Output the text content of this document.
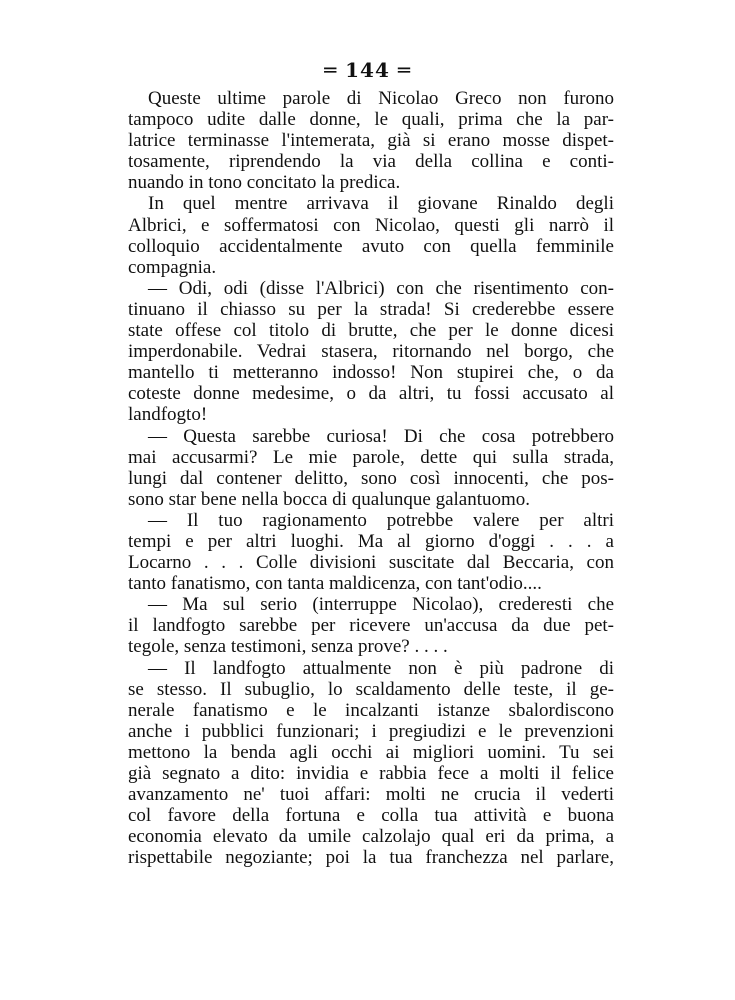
═ 144 ═
Queste ultime parole di Nicolao Greco non furono
tampoco udite dalle donne, le quali, prima che la par-
latrice terminasse l'intemerata, già si erano mosse dispet-
tosamente, riprendendo la via della collina e conti-
nuando in tono concitato la predica.
In quel mentre arrivava il giovane Rinaldo degli
Albrici, e soffermatosi con Nicolao, questi gli narrò il
colloquio accidentalmente avuto con quella femminile
compagnia.
— Odi, odi (disse l'Albrici) con che risentimento con-
tinuano il chiasso su per la strada! Si crederebbe essere
state offese col titolo di brutte, che per le donne dicesi
imperdonabile. Vedrai stasera, ritornando nel borgo, che
mantello ti metteranno indosso! Non stupirei che, o da
coteste donne medesime, o da altri, tu fossi accusato al
landfogto!
— Questa sarebbe curiosa! Di che cosa potrebbero
mai accusarmi? Le mie parole, dette qui sulla strada,
lungi dal contener delitto, sono così innocenti, che pos-
sono star bene nella bocca di qualunque galantuomo.
— Il tuo ragionamento potrebbe valere per altri
tempi e per altri luoghi. Ma al giorno d'oggi . . . a
Locarno . . . Colle divisioni suscitate dal Beccaria, con
tanto fanatismo, con tanta maldicenza, con tant'odio....
— Ma sul serio (interruppe Nicolao), crederesti che
il landfogto sarebbe per ricevere un'accusa da due pet-
tegole, senza testimoni, senza prove? . . . .
— Il landfogto attualmente non è più padrone di
se stesso. Il subuglio, lo scaldamento delle teste, il ge-
nerale fanatismo e le incalzanti istanze sbalordiscono
anche i pubblici funzionari; i pregiudizi e le prevenzioni
mettono la benda agli occhi ai migliori uomini. Tu sei
già segnato a dito: invidia e rabbia fece a molti il felice
avanzamento ne' tuoi affari: molti ne crucia il vederti
col favore della fortuna e colla tua attività e buona
economia elevato da umile calzolajo qual eri da prima, a
rispettabile negoziante; poi la tua franchezza nel parlare,
